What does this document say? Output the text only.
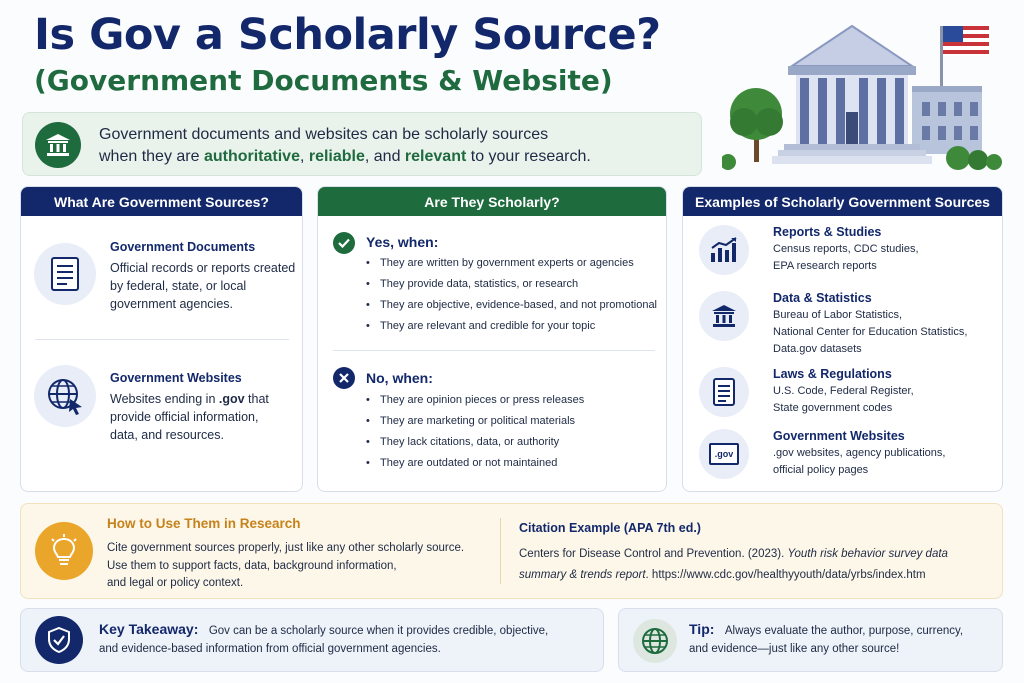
Is Gov a Scholarly Source?
(Government Documents & Website)
Government documents and websites can be scholarly sources
when they are authoritative, reliable, and relevant to your research.
What Are Government Sources?
Government Documents
Official records or reports created
by federal, state, or local
government agencies.
Government Websites
Websites ending in .gov that
provide official information,
data, and resources.
Are They Scholarly?
Yes, when:
• They are written by government experts or agencies
• They provide data, statistics, or research
• They are objective, evidence-based, and not promotional
• They are relevant and credible for your topic
No, when:
• They are opinion pieces or press releases
• They are marketing or political materials
• They lack citations, data, or authority
• They are outdated or not maintained
Examples of Scholarly Government Sources
Reports & Studies
Census reports, CDC studies,
EPA research reports
Data & Statistics
Bureau of Labor Statistics,
National Center for Education Statistics,
Data.gov datasets
Laws & Regulations
U.S. Code, Federal Register,
State government codes
.gov
Government Websites
.gov websites, agency publications,
official policy pages
How to Use Them in Research
Cite government sources properly, just like any other scholarly source.
Use them to support facts, data, background information,
and legal or policy context.
Citation Example (APA 7th ed.)
Centers for Disease Control and Prevention. (2023). Youth risk behavior survey data
summary & trends report. https://www.cdc.gov/healthyyouth/data/yrbs/index.htm
Key Takeaway: Gov can be a scholarly source when it provides credible, objective,
and evidence-based information from official government agencies.
Tip: Always evaluate the author, purpose, currency,
and evidence—just like any other source!
